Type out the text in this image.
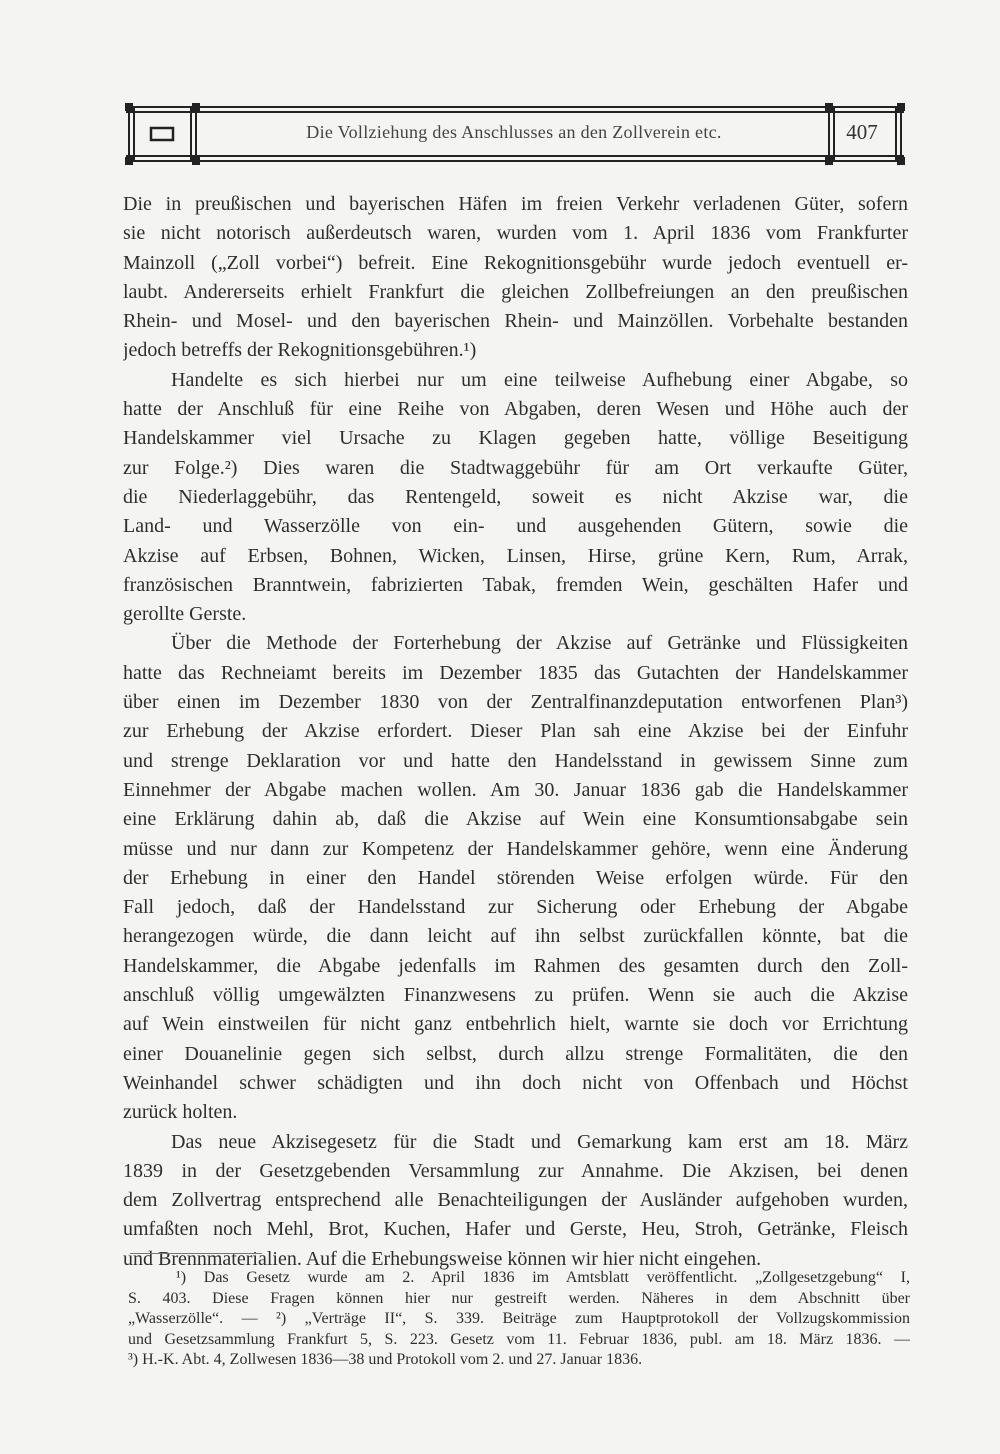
Die Vollziehung des Anschlusses an den Zollverein etc.	407
Die in preußischen und bayerischen Häfen im freien Verkehr verladenen Güter, sofern
sie nicht notorisch außerdeutsch waren, wurden vom 1. April 1836 vom Frankfurter
Mainzoll („Zoll vorbei“) befreit. Eine Rekognitionsgebühr wurde jedoch eventuell er-
laubt. Andererseits erhielt Frankfurt die gleichen Zollbefreiungen an den preußischen
Rhein- und Mosel- und den bayerischen Rhein- und Mainzöllen. Vorbehalte bestanden
jedoch betreffs der Rekognitionsgebühren.¹)
Handelte es sich hierbei nur um eine teilweise Aufhebung einer Abgabe, so
hatte der Anschluß für eine Reihe von Abgaben, deren Wesen und Höhe auch der
Handelskammer viel Ursache zu Klagen gegeben hatte, völlige Beseitigung
zur Folge.²) Dies waren die Stadtwaggebühr für am Ort verkaufte Güter,
die Niederlaggebühr, das Rentengeld, soweit es nicht Akzise war, die
Land- und Wasserzölle von ein- und ausgehenden Gütern, sowie die
Akzise auf Erbsen, Bohnen, Wicken, Linsen, Hirse, grüne Kern, Rum, Arrak,
französischen Branntwein, fabrizierten Tabak, fremden Wein, geschälten Hafer und
gerollte Gerste.
Über die Methode der Forterhebung der Akzise auf Getränke und Flüssigkeiten
hatte das Rechneiamt bereits im Dezember 1835 das Gutachten der Handelskammer
über einen im Dezember 1830 von der Zentralfinanzdeputation entworfenen Plan³)
zur Erhebung der Akzise erfordert. Dieser Plan sah eine Akzise bei der Einfuhr
und strenge Deklaration vor und hatte den Handelsstand in gewissem Sinne zum
Einnehmer der Abgabe machen wollen. Am 30. Januar 1836 gab die Handelskammer
eine Erklärung dahin ab, daß die Akzise auf Wein eine Konsumtionsabgabe sein
müsse und nur dann zur Kompetenz der Handelskammer gehöre, wenn eine Änderung
der Erhebung in einer den Handel störenden Weise erfolgen würde. Für den
Fall jedoch, daß der Handelsstand zur Sicherung oder Erhebung der Abgabe
herangezogen würde, die dann leicht auf ihn selbst zurückfallen könnte, bat die
Handelskammer, die Abgabe jedenfalls im Rahmen des gesamten durch den Zoll-
anschluß völlig umgewälzten Finanzwesens zu prüfen. Wenn sie auch die Akzise
auf Wein einstweilen für nicht ganz entbehrlich hielt, warnte sie doch vor Errichtung
einer Douanelinie gegen sich selbst, durch allzu strenge Formalitäten, die den
Weinhandel schwer schädigten und ihn doch nicht von Offenbach und Höchst
zurück holten.
Das neue Akzisegesetz für die Stadt und Gemarkung kam erst am 18. März
1839 in der Gesetzgebenden Versammlung zur Annahme. Die Akzisen, bei denen
dem Zollvertrag entsprechend alle Benachteiligungen der Ausländer aufgehoben wurden,
umfaßten noch Mehl, Brot, Kuchen, Hafer und Gerste, Heu, Stroh, Getränke, Fleisch
und Brennmaterialien. Auf die Erhebungsweise können wir hier nicht eingehen.
¹) Das Gesetz wurde am 2. April 1836 im Amtsblatt veröffentlicht. „Zollgesetzgebung“ I,
S. 403. Diese Fragen können hier nur gestreift werden. Näheres in dem Abschnitt über
„Wasserzölle“. — ²) „Verträge II“, S. 339. Beiträge zum Hauptprotokoll der Vollzugskommission
und Gesetzsammlung Frankfurt 5, S. 223. Gesetz vom 11. Februar 1836, publ. am 18. März 1836. —
³) H.-K. Abt. 4, Zollwesen 1836—38 und Protokoll vom 2. und 27. Januar 1836.
